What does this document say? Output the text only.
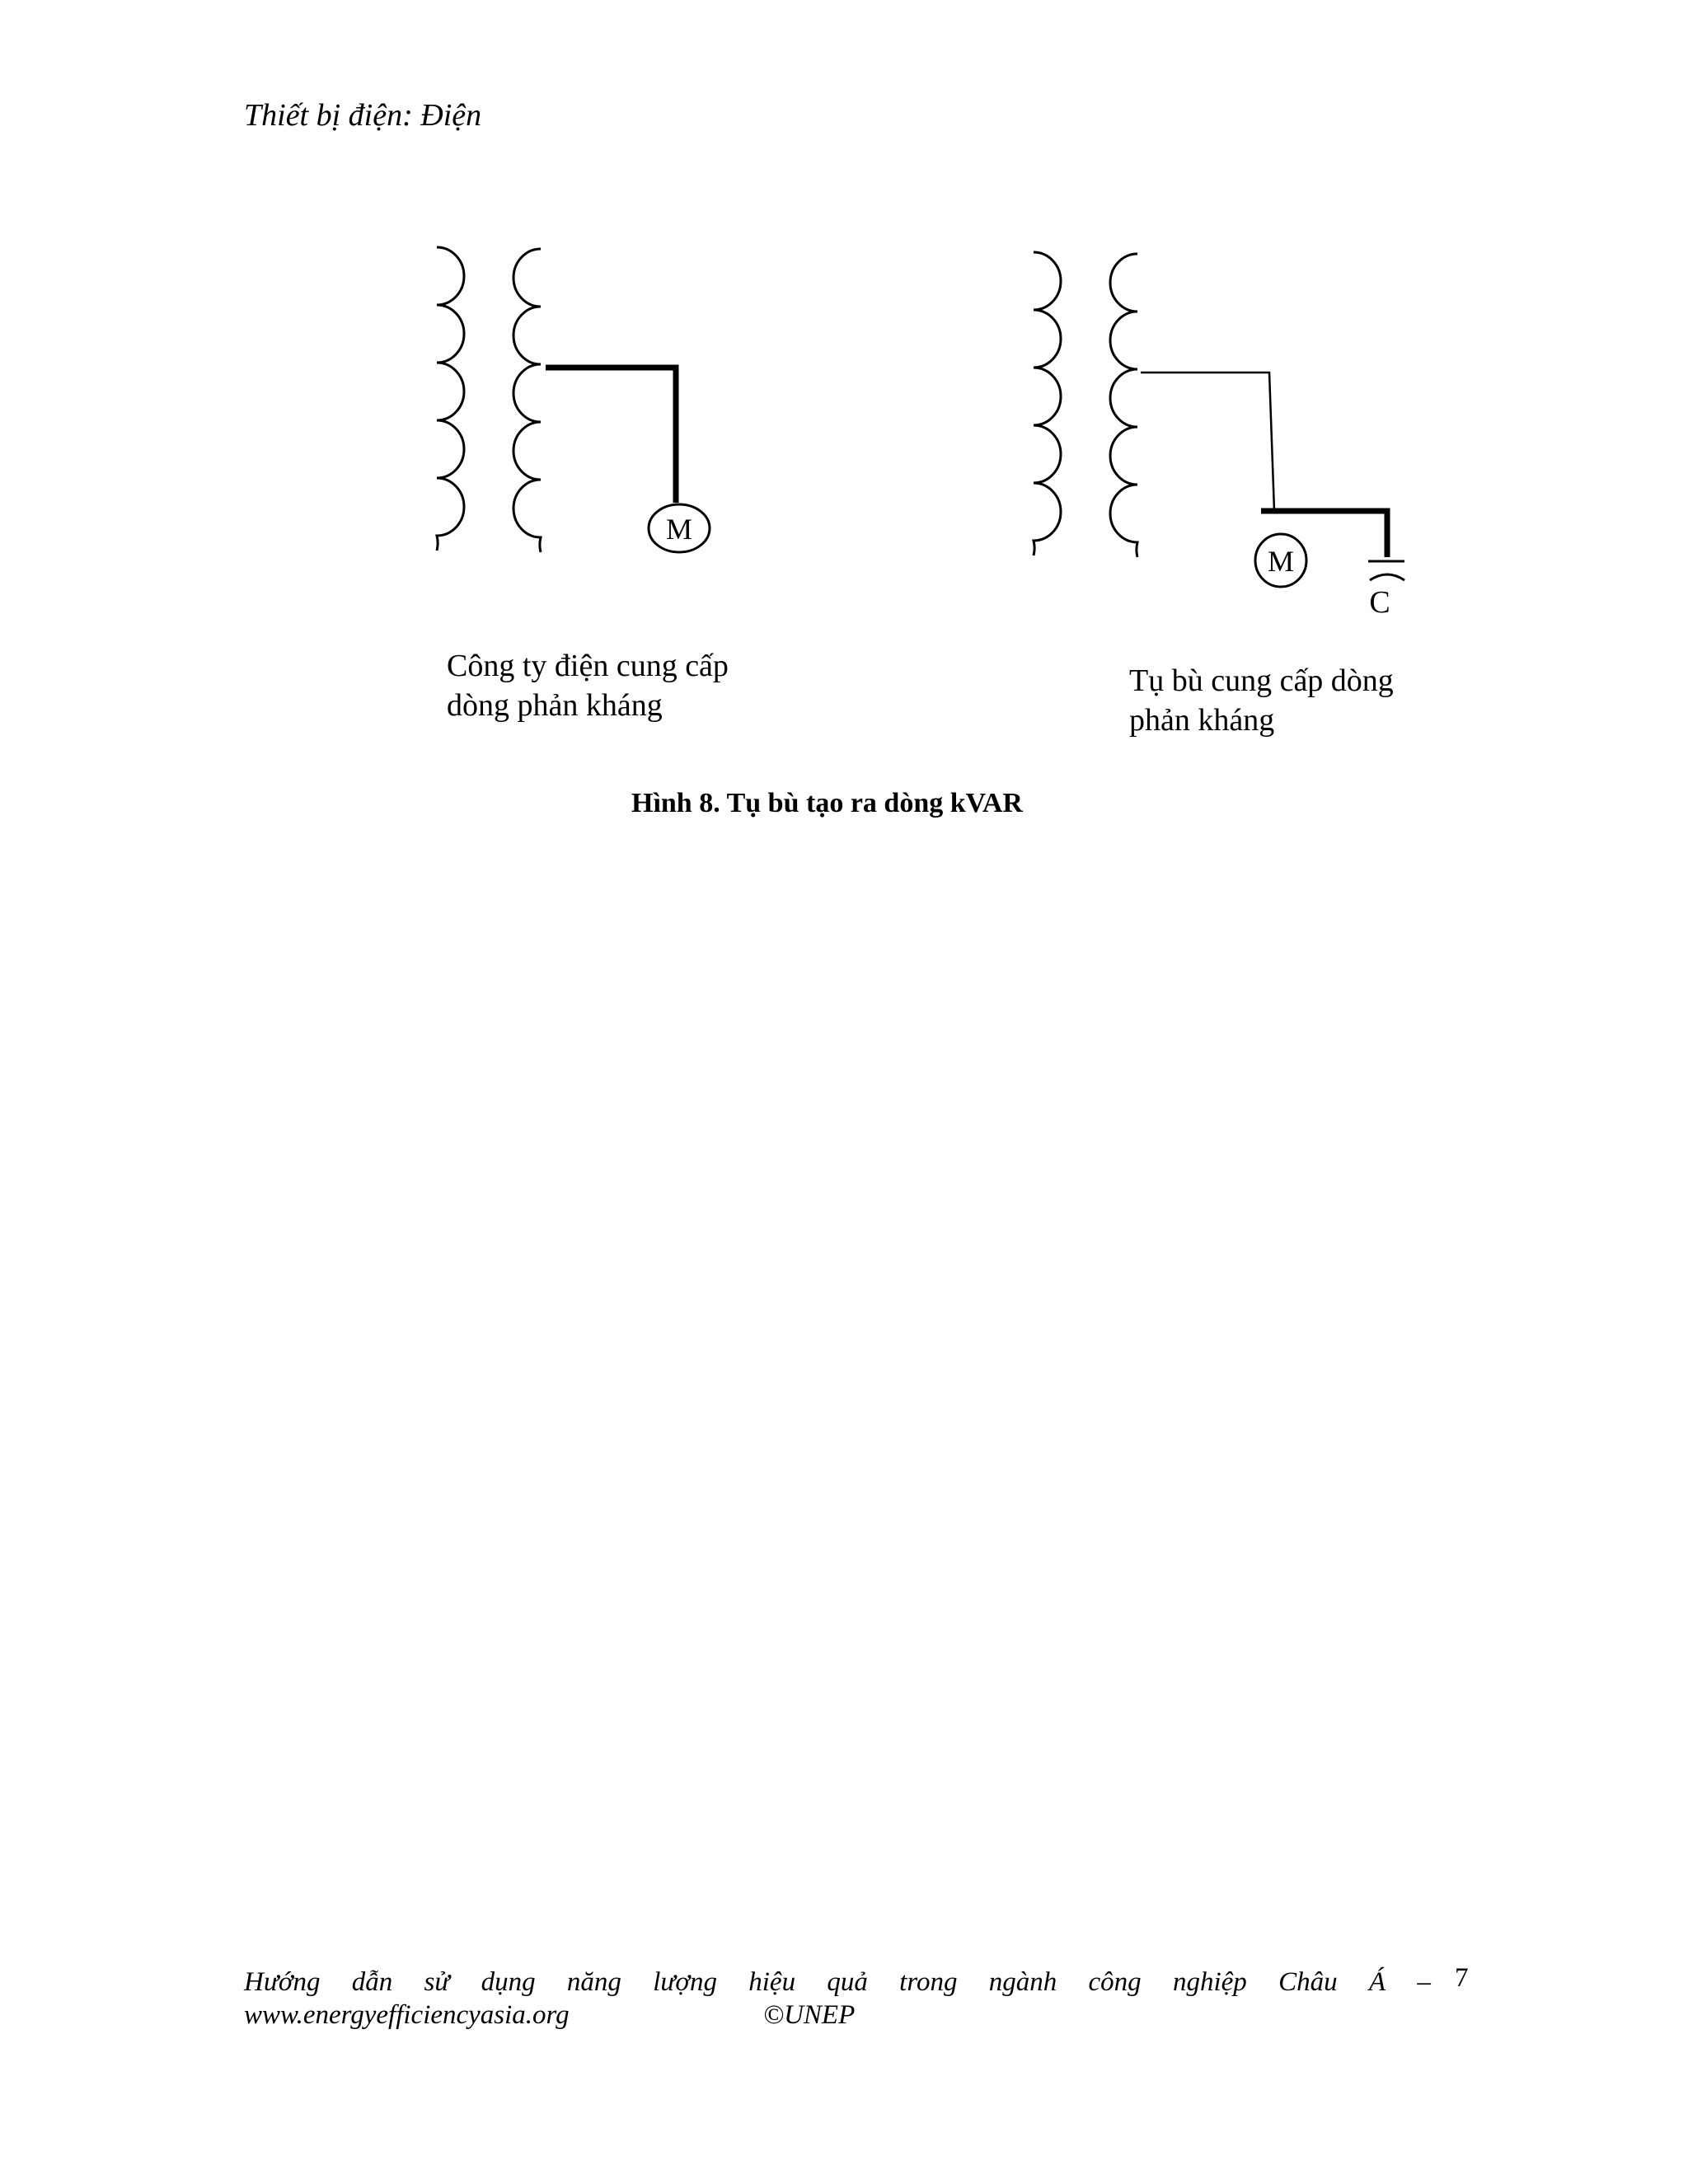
Thiết bị điện: Điện
M
M
C
Công ty điện cung cấp
dòng phản kháng
Tụ bù cung cấp dòng
phản kháng
Hình 8. Tụ bù tạo ra dòng kVAR
Hướng dẫn sử dụng năng lượng hiệu quả trong ngành công nghiệp Châu Á –
www.energyefficiencyasia.org	©UNEP
7
